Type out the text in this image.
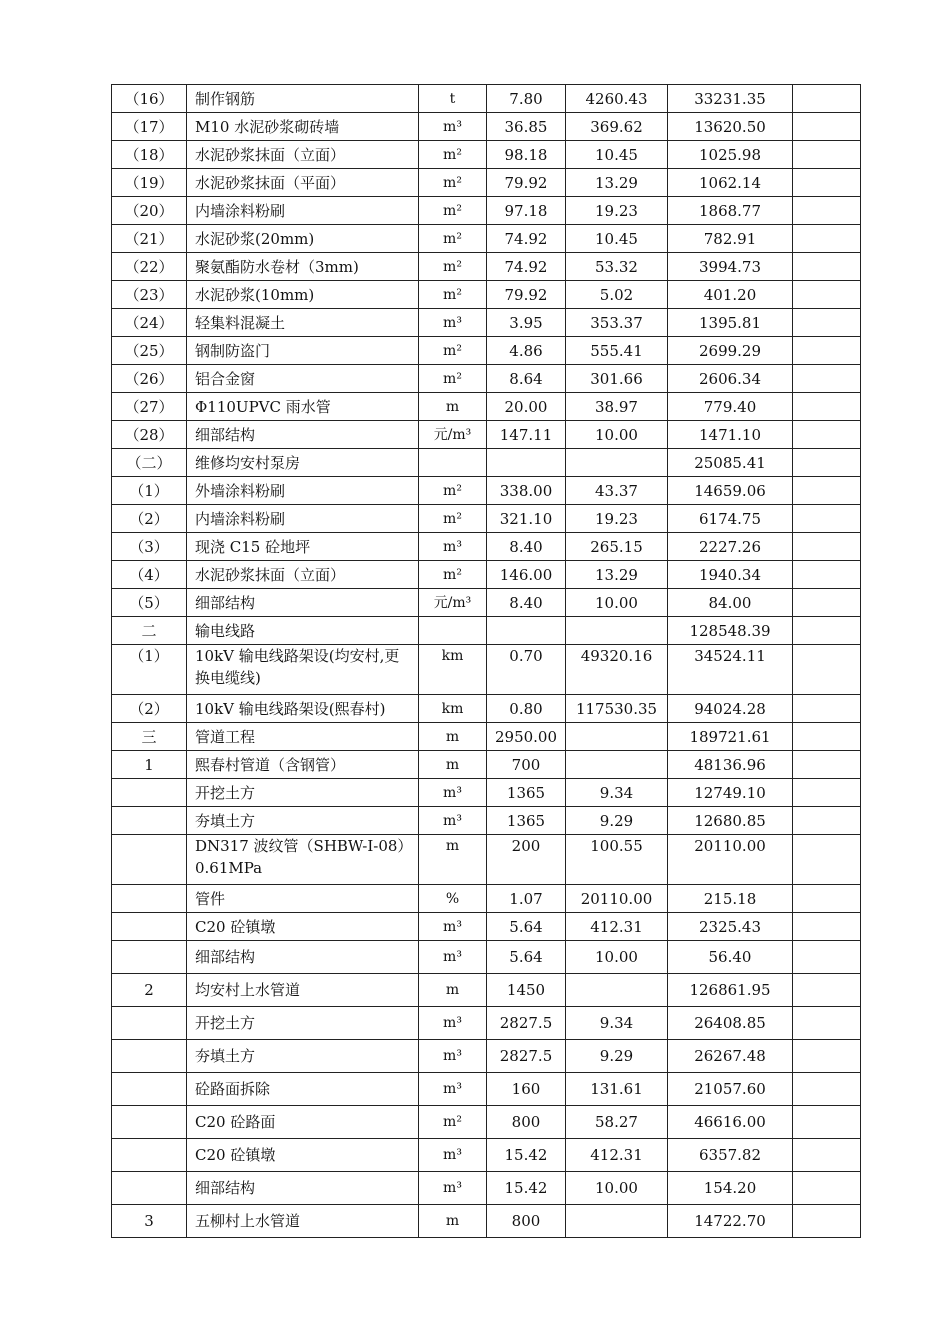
（16）	制作钢筋	t	7.80	4260.43	33231.35	
（17）	M10 水泥砂浆砌砖墙	m³	36.85	369.62	13620.50	
（18）	水泥砂浆抹面（立面）	m²	98.18	10.45	1025.98	
（19）	水泥砂浆抹面（平面）	m²	79.92	13.29	1062.14	
（20）	内墙涂料粉刷	m²	97.18	19.23	1868.77	
（21）	水泥砂浆(20mm)	m²	74.92	10.45	782.91	
（22）	聚氨酯防水卷材（3mm)	m²	74.92	53.32	3994.73	
（23）	水泥砂浆(10mm)	m²	79.92	5.02	401.20	
（24）	轻集料混凝土	m³	3.95	353.37	1395.81	
（25）	钢制防盗门	m²	4.86	555.41	2699.29	
（26）	铝合金窗	m²	8.64	301.66	2606.34	
（27）	Φ110UPVC 雨水管	m	20.00	38.97	779.40	
（28）	细部结构	元/m³	147.11	10.00	1471.10	
（二）	维修均安村泵房				25085.41	
（1）	外墙涂料粉刷	m²	338.00	43.37	14659.06	
（2）	内墙涂料粉刷	m²	321.10	19.23	6174.75	
（3）	现浇 C15 砼地坪	m³	8.40	265.15	2227.26	
（4）	水泥砂浆抹面（立面）	m²	146.00	13.29	1940.34	
（5）	细部结构	元/m³	8.40	10.00	84.00	
二	输电线路				128548.39	
（1）	10kV 输电线路架设(均安村,更换电缆线)	km	0.70	49320.16	34524.11	
（2）	10kV 输电线路架设(熙春村)	km	0.80	117530.35	94024.28	
三	管道工程	m	2950.00		189721.61	
1	熙春村管道（含钢管）	m	700		48136.96	
	开挖土方	m³	1365	9.34	12749.10	
	夯填土方	m³	1365	9.29	12680.85	
	DN317 波纹管（SHBW-I-08）0.61MPa	m	200	100.55	20110.00	
	管件	%	1.07	20110.00	215.18	
	C20 砼镇墩	m³	5.64	412.31	2325.43	
	细部结构	m³	5.64	10.00	56.40	
2	均安村上水管道	m	1450		126861.95	
	开挖土方	m³	2827.5	9.34	26408.85	
	夯填土方	m³	2827.5	9.29	26267.48	
	砼路面拆除	m³	160	131.61	21057.60	
	C20 砼路面	m²	800	58.27	46616.00	
	C20 砼镇墩	m³	15.42	412.31	6357.82	
	细部结构	m³	15.42	10.00	154.20	
3	五柳村上水管道	m	800		14722.70	
